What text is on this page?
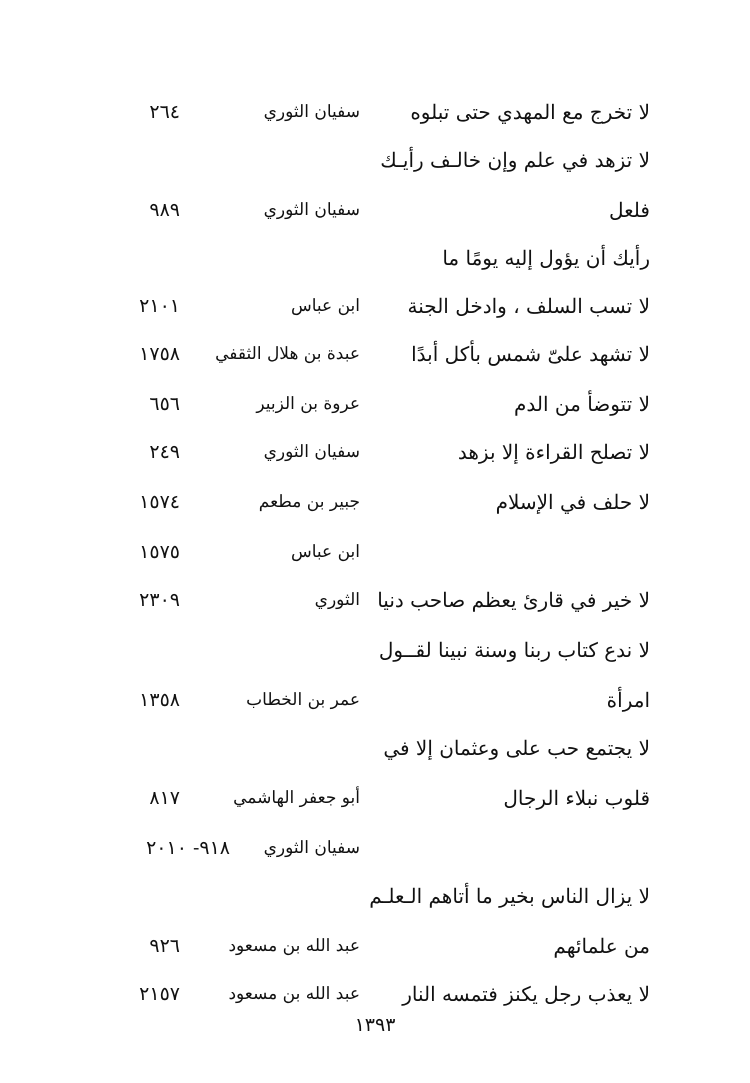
لا تخرج مع المهدي حتى تبلوه
سفيان الثوري
٢٦٤
لا تزهد في علم وإن خالـف رأيـك
فلعل
سفيان الثوري
٩٨٩
رأيك أن يؤول إليه يومًا ما
لا تسب السلف ، وادخل الجنة
ابن عباس
٢١٠١
لا تشهد علىّ شمس بأكل أبدًا
عبدة بن هلال الثقفي
١٧٥٨
لا تتوضأ من الدم
عروة بن الزبير
٦٥٦
لا تصلح القراءة إلا بزهد
سفيان الثوري
٢٤٩
لا حلف في الإسلام
جبير بن مطعم
١٥٧٤
ابن عباس
١٥٧٥
لا خير في قارئ يعظم صاحب دنيا
الثوري
٢٣٠٩
لا ندع كتاب ربنا وسنة نبينا لقــول
امرأة
عمر بن الخطاب
١٣٥٨
لا يجتمع حب على وعثمان إلا في
قلوب نبلاء الرجال
أبو جعفر الهاشمي
٨١٧
سفيان الثوري
٩١٨- ٢٠١٠
لا يزال الناس بخير ما أتاهم الـعلـم
من علمائهم
عبد الله بن مسعود
٩٢٦
لا يعذب رجل يكنز فتمسه النار
عبد الله بن مسعود
٢١٥٧
١٣٩٣
